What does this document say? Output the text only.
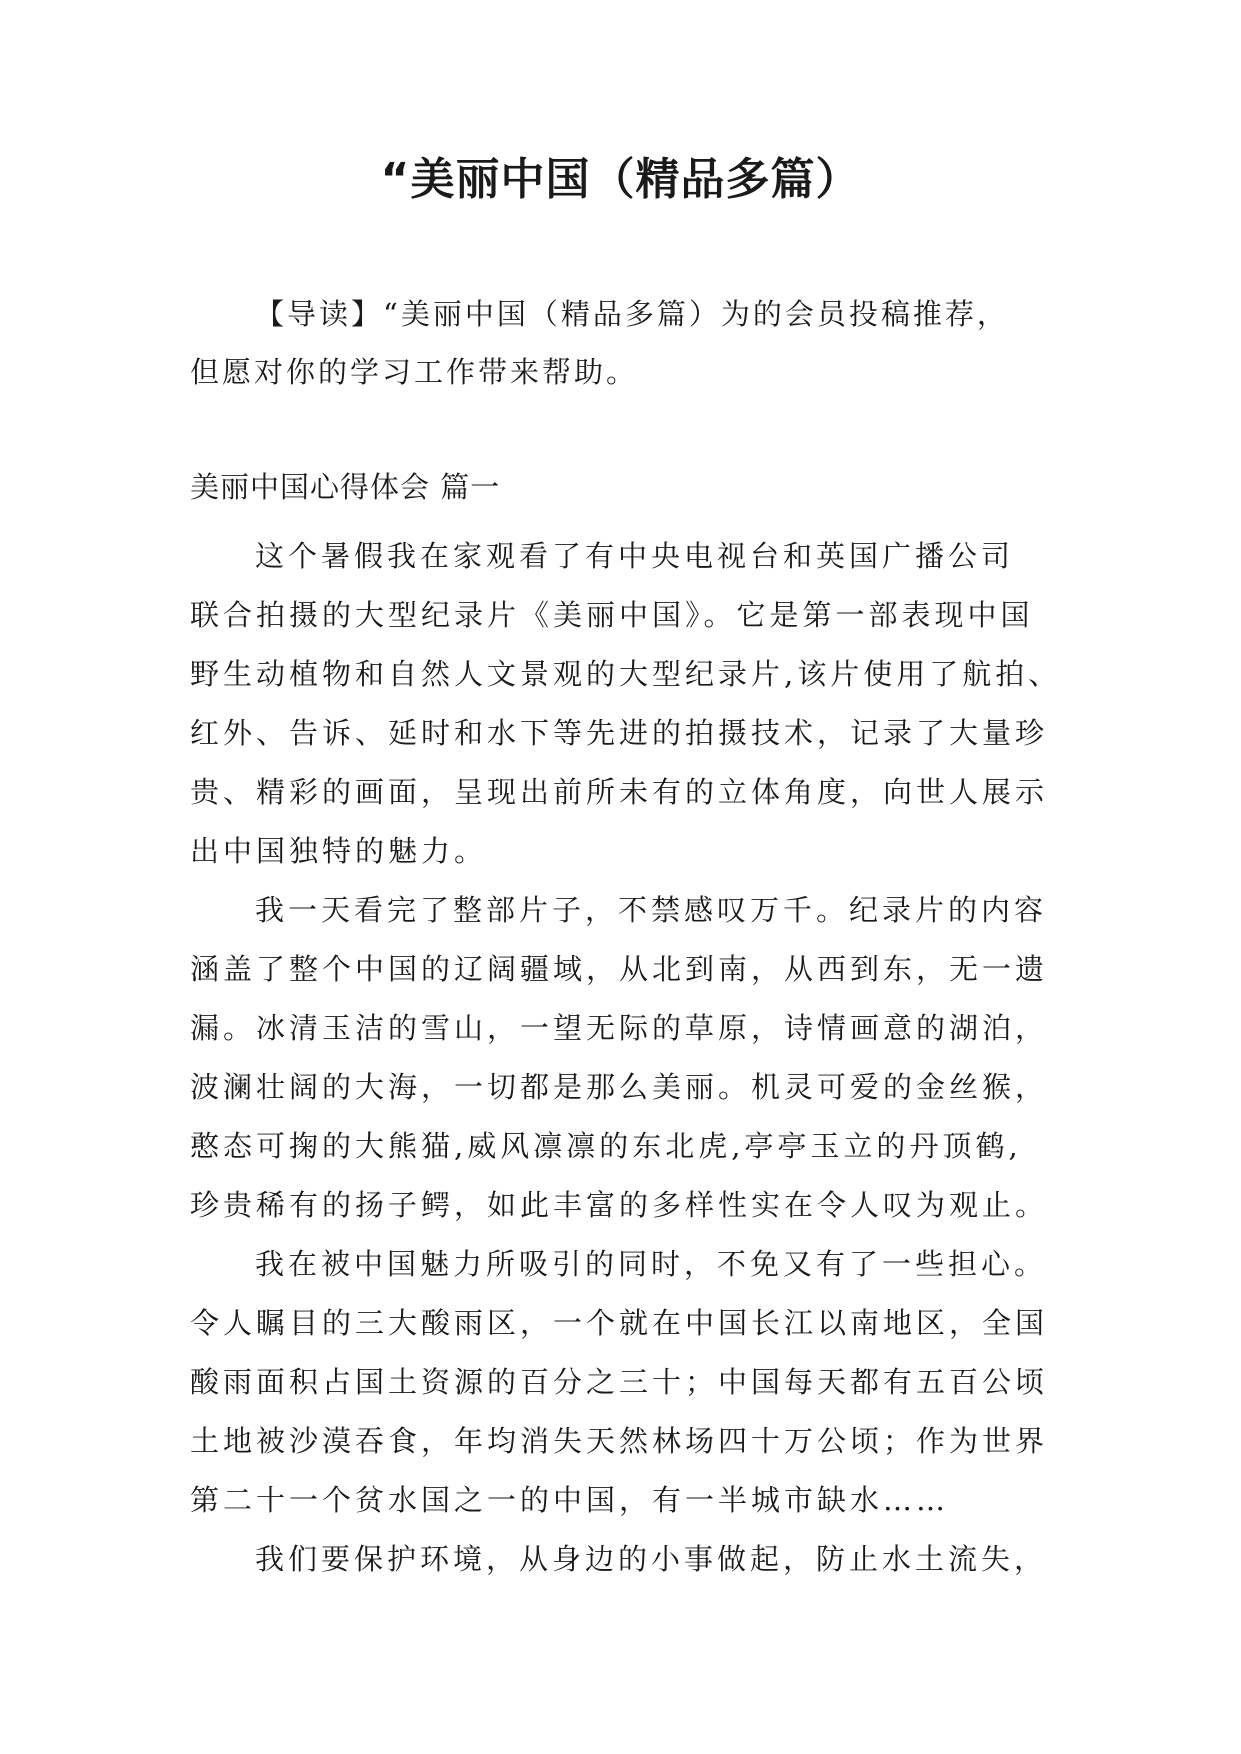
“美丽中国（精品多篇）
【导读】“美丽中国（精品多篇）为的会员投稿推荐，
但愿对你的学习工作带来帮助。
美丽中国心得体会 篇一
这个暑假我在家观看了有中央电视台和英国广播公司
联合拍摄的大型纪录片《美丽中国》。它是第一部表现中国
野生动植物和自然人文景观的大型纪录片,该片使用了航拍、
红外、告诉、延时和水下等先进的拍摄技术，记录了大量珍
贵、精彩的画面，呈现出前所未有的立体角度，向世人展示
出中国独特的魅力。
我一天看完了整部片子，不禁感叹万千。纪录片的内容
涵盖了整个中国的辽阔疆域，从北到南，从西到东，无一遗
漏。冰清玉洁的雪山，一望无际的草原，诗情画意的湖泊，
波澜壮阔的大海，一切都是那么美丽。机灵可爱的金丝猴，
憨态可掬的大熊猫,威风凛凛的东北虎,亭亭玉立的丹顶鹤,
珍贵稀有的扬子鳄，如此丰富的多样性实在令人叹为观止。
我在被中国魅力所吸引的同时，不免又有了一些担心。
令人瞩目的三大酸雨区，一个就在中国长江以南地区，全国
酸雨面积占国土资源的百分之三十；中国每天都有五百公顷
土地被沙漠吞食，年均消失天然林场四十万公顷；作为世界
第二十一个贫水国之一的中国，有一半城市缺水……
我们要保护环境，从身边的小事做起，防止水土流失，
